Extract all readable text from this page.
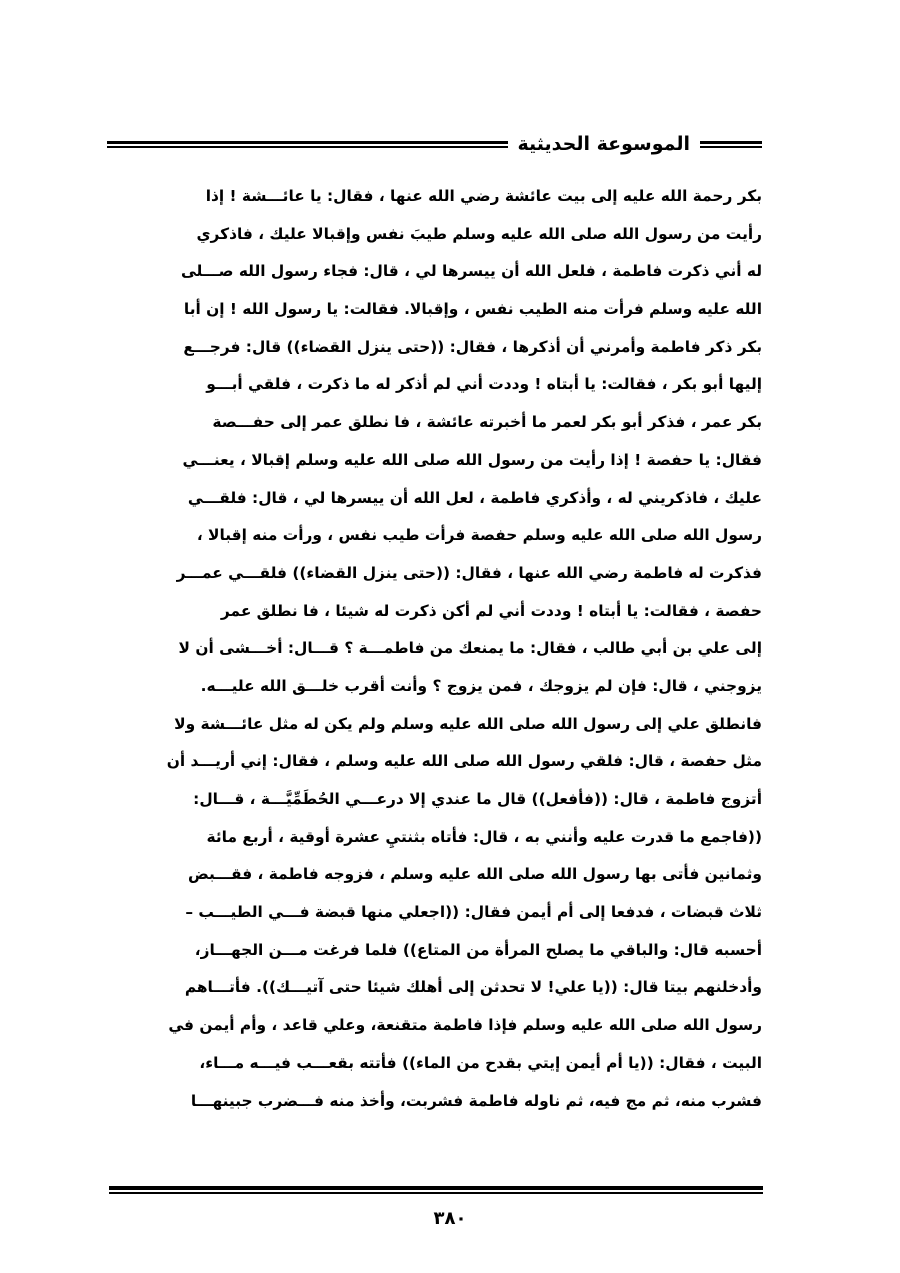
الموسوعة الحديثية
بكر رحمة الله عليه إلى بيت عائشة رضي الله عنها ، فقال: يا عائـــشة ! إذا
رأيت من رسول الله صلى الله عليه وسلم طيبَ نفس وإقبالا عليك ، فاذكري
له أني ذكرت فاطمة ، فلعل الله أن ييسرها لي ، قال: فجاء رسول الله صـــلى
الله عليه وسلم فرأت منه الطيب نفس ، وإقبالا. فقالت: يا رسول الله ! إن أبا
بكر ذكر فاطمة وأمرني أن أذكرها ، فقال: ((حتى ينزل القضاء)) قال: فرجـــع
إليها أبو بكر ، فقالت: يا أبتاه ! وددت أني لم أذكر له ما ذكرت ، فلقي أبـــو
بكر عمر ، فذكر أبو بكر لعمر ما أخبرته عائشة ، فا نطلق عمر إلى حفـــصة
فقال: يا حفصة ! إذا رأيت من رسول الله صلى الله عليه وسلم إقبالا ، يعنـــي
عليك ، فاذكريني له ، وأذكري فاطمة ، لعل الله أن ييسرها لي ، قال: فلقـــي
رسول الله صلى الله عليه وسلم حفصة فرأت طيب نفس ، ورأت منه إقبالا ،
فذكرت له فاطمة رضي الله عنها ، فقال: ((حتى ينزل القضاء)) فلقـــي عمـــر
حفصة ، فقالت: يا أبتاه ! وددت أني لم أكن ذكرت له شيئا ، فا نطلق عمر
إلى علي بن أبي طالب ، فقال: ما يمنعك من فاطمـــة ؟ قـــال: أخـــشى أن لا
يزوجني ، قال: فإن لم يزوجك ، فمن يزوج ؟ وأنت أقرب خلـــق الله عليـــه.
فانطلق علي إلى رسول الله صلى الله عليه وسلم ولم يكن له مثل عائـــشة ولا
مثل حفصة ، قال: فلقي رسول الله صلى الله عليه وسلم ، فقال: إني أريـــد أن
أتزوج فاطمة ، قال: ((فأفعل)) قال ما عندي إلا درعـــي الحُطَمِّيَّـــة ، قـــال:
((فاجمع ما قدرت عليه وأنني به ، قال: فأتاه بثنتيِ عشرة أوقية ، أربع مائة
وثمانين فأتى بها رسول الله صلى الله عليه وسلم ، فزوجه فاطمة ، فقـــبض
ثلاث قبضات ، فدفعا إلى أم أيمن فقال: ((اجعلي منها قبضة فـــي الطيـــب –
أحسبه قال: والباقي ما يصلح المرأة من المتاع)) فلما فرغت مـــن الجهـــاز،
وأدخلنهم بيتا قال: ((يا علي! لا تحدثن إلى أهلك شيئا حتى آتيـــك)). فأتـــاهم
رسول الله صلى الله عليه وسلم فإذا فاطمة متقنعة، وعلي قاعد ، وأم أيمن في
البيت ، فقال: ((يا أم أيمن إيتي بقدح من الماء)) فأتته بقعـــب فيـــه مـــاء،
فشرب منه، ثم مج فيه، ثم ناوله فاطمة فشربت، وأخذ منه فـــضرب جبينهـــا
٣٨٠
